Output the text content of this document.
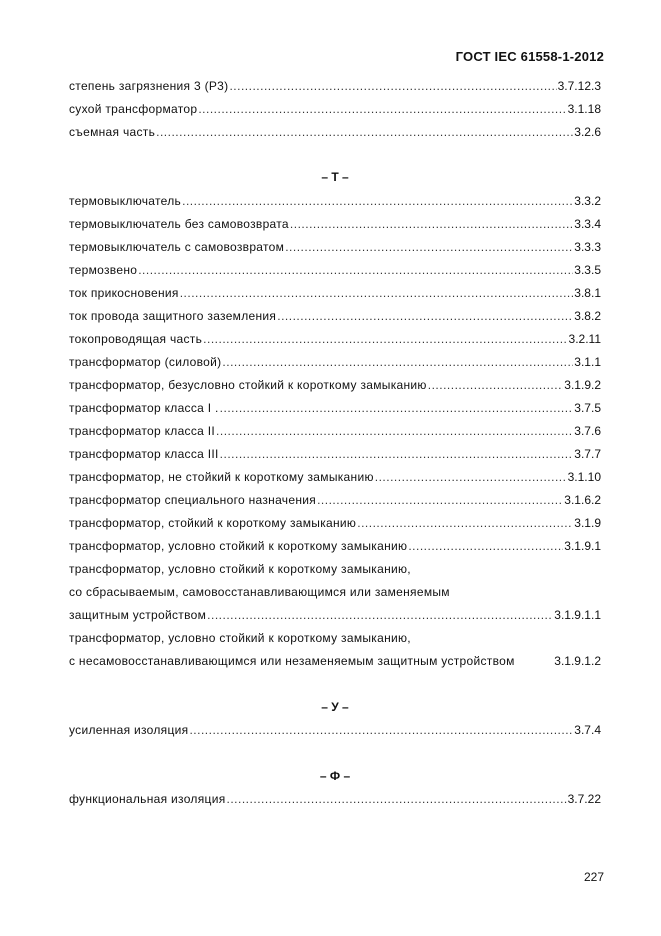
ГОСТ IEC 61558-1-2012
степень загрязнения 3 (P3) .....	3.7.12.3
сухой трансформатор .....	3.1.18
съемная часть .....	3.2.6
– Т –
термовыключатель .....	3.3.2
термовыключатель без самовозврата .....	3.3.4
термовыключатель с самовозвратом .....	3.3.3
термозвено .....	3.3.5
ток прикосновения .....	3.8.1
ток провода защитного заземления .....	3.8.2
токопроводящая часть .....	3.2.11
трансформатор (силовой) .....	3.1.1
трансформатор, безусловно стойкий к короткому замыканию .....	3.1.9.2
трансформатор класса I . .....	3.7.5
трансформатор класса II .....	3.7.6
трансформатор класса III .....	3.7.7
трансформатор, не стойкий к короткому замыканию .....	3.1.10
трансформатор специального назначения .....	3.1.6.2
трансформатор, стойкий к короткому замыканию .....	3.1.9
трансформатор, условно стойкий к короткому замыканию .....	3.1.9.1
трансформатор, условно стойкий к короткому замыканию,
со сбрасываемым, самовосстанавливающимся или заменяемым
защитным устройством .....	3.1.9.1.1
трансформатор, условно стойкий к короткому замыканию,
с несамовосстанавливающимся или незаменяемым защитным устройством	3.1.9.1.2
– У –
усиленная изоляция .....	3.7.4
– Ф –
функциональная изоляция .....	3.7.22
227
